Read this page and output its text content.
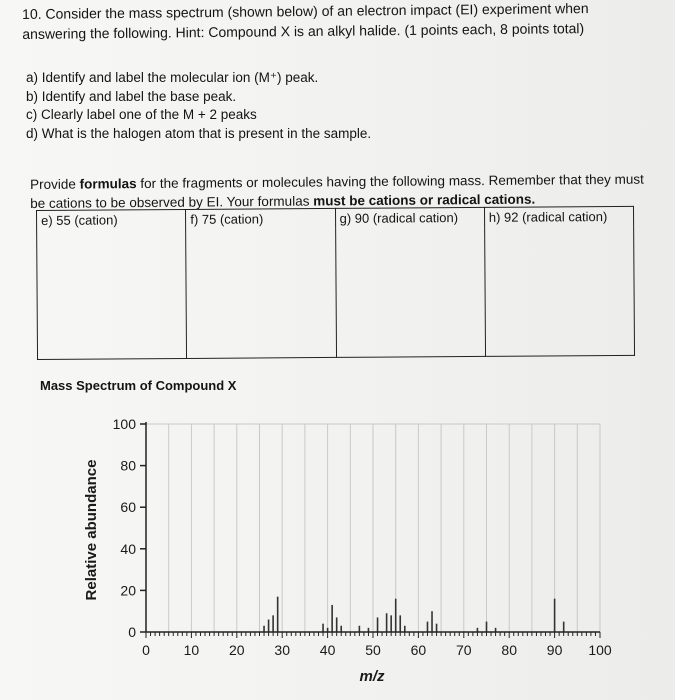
10. Consider the mass spectrum (shown below) of an electron impact (EI) experiment when answering the following. Hint: Compound X is an alkyl halide. (1 points each, 8 points total)
a) Identify and label the molecular ion (M⁺) peak.
b) Identify and label the base peak.
c) Clearly label one of the M + 2 peaks
d) What is the halogen atom that is present in the sample.
Provide formulas for the fragments or molecules having the following mass. Remember that they must be cations to be observed by EI. Your formulas must be cations or radical cations.
e) 55 (cation)	f) 75 (cation)	g) 90 (radical cation)	h) 92 (radical cation)

Mass Spectrum of Compound X
0
20
40
60
80
100
0 10 20 30 40 50 60 70 80 90 100
Relative abundance
m/z
